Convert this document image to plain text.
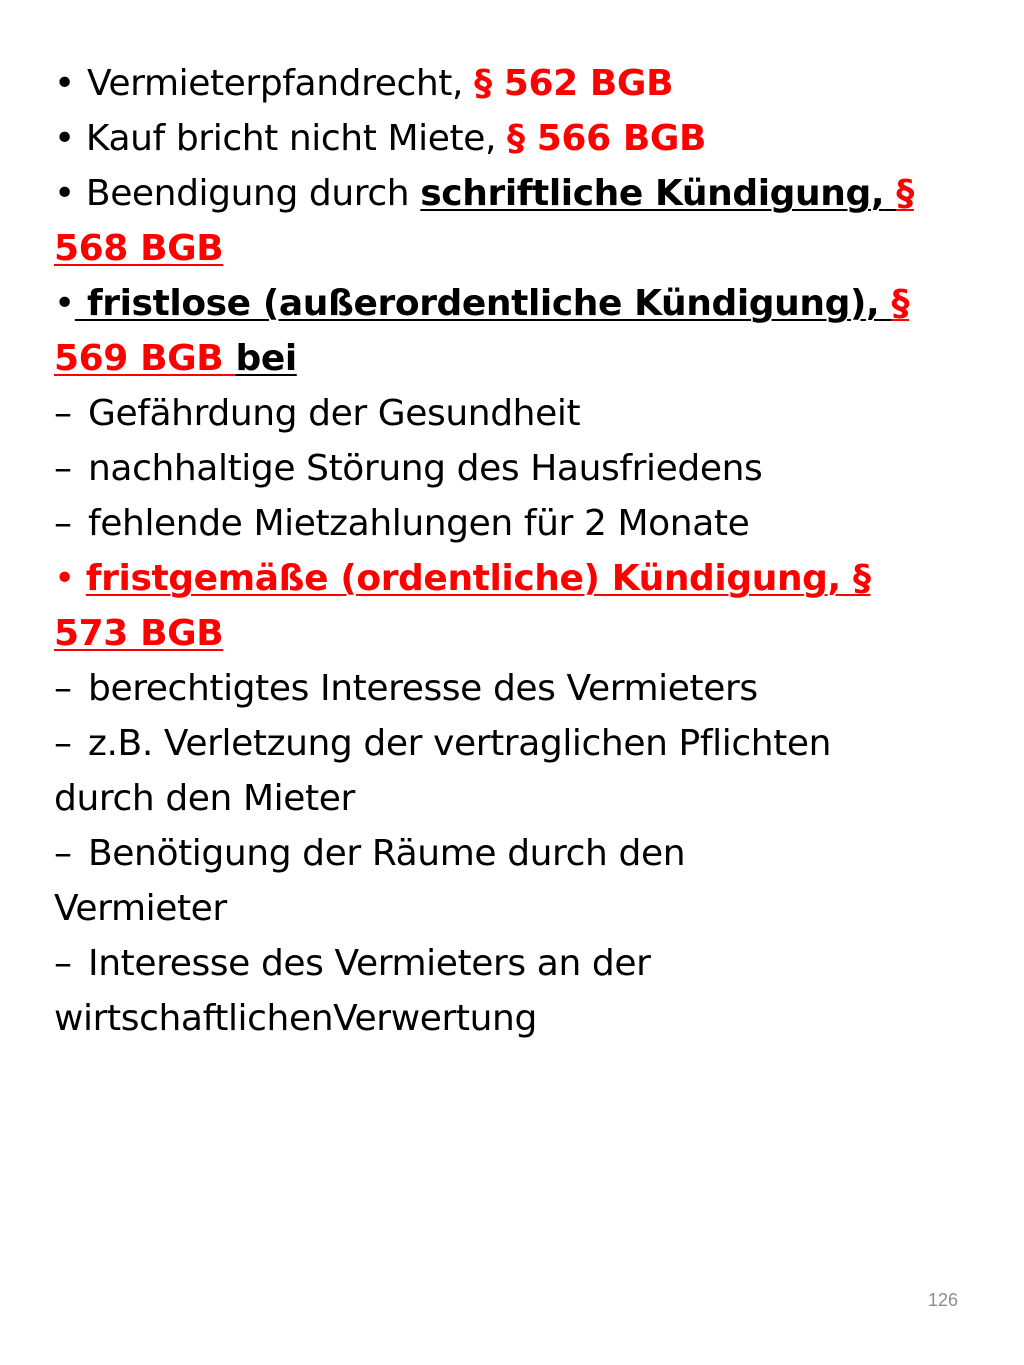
• Vermieterpfandrecht, § 562 BGB

• Kauf bricht nicht Miete, § 566 BGB

• Beendigung durch schriftliche Kündigung, §
568 BGB

• fristlose (außerordentliche Kündigung), §
569 BGB bei

– Gefährdung der Gesundheit

– nachhaltige Störung des Hausfriedens

– fehlende Mietzahlungen für 2 Monate

• fristgemäße (ordentliche) Kündigung, §
573 BGB

– berechtigtes Interesse des Vermieters

– z.B. Verletzung der vertraglichen Pflichten
durch den Mieter

– Benötigung der Räume durch den
Vermieter

– Interesse des Vermieters an der
wirtschaftlichenVerwertung

126
